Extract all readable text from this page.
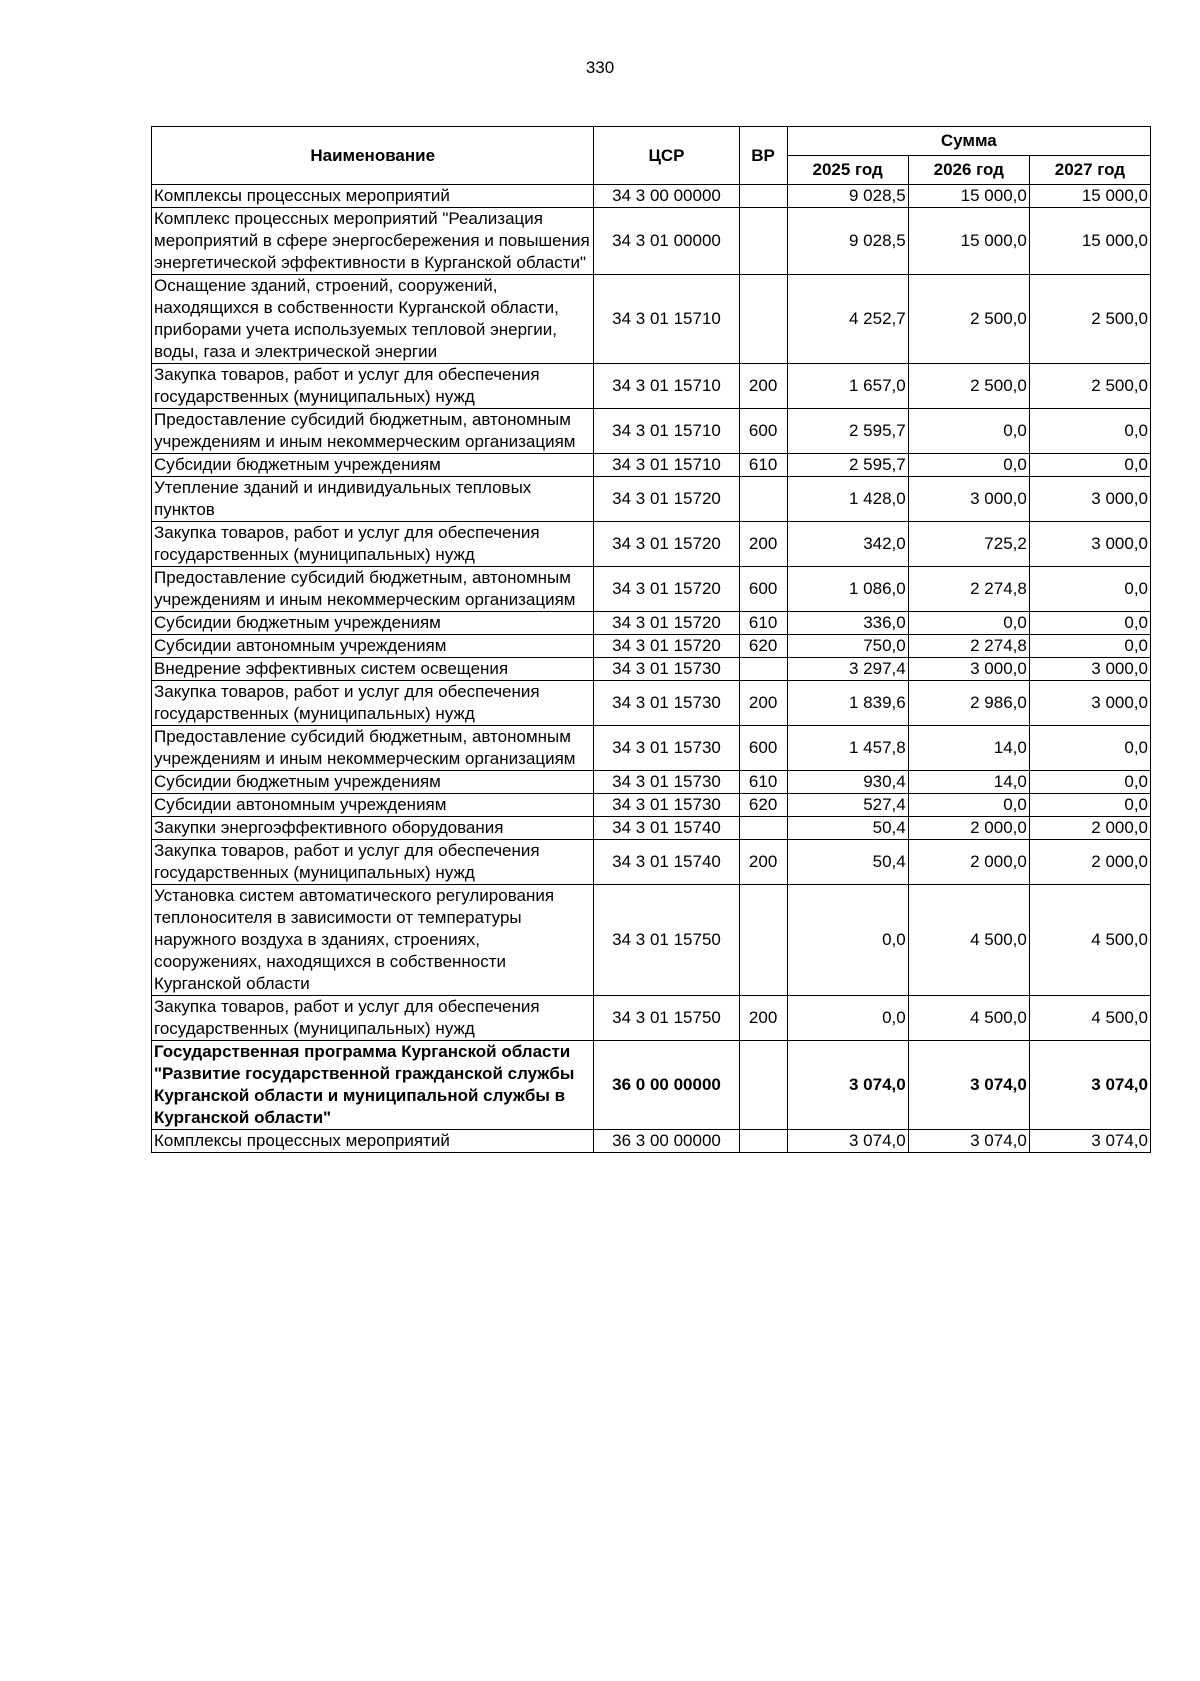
330
Наименование	ЦСР	ВР	Сумма		
			2025 год	2026 год	2027 год
Комплексы процессных мероприятий	34 3 00 00000		9 028,5	15 000,0	15 000,0
Комплекс процессных мероприятий "Реализация мероприятий в сфере энергосбережения и повышения энергетической эффективности в Курганской области"	34 3 01 00000		9 028,5	15 000,0	15 000,0
Оснащение зданий, строений, сооружений, находящихся в собственности Курганской области, приборами учета используемых тепловой энергии, воды, газа и электрической энергии	34 3 01 15710		4 252,7	2 500,0	2 500,0
Закупка товаров, работ и услуг для обеспечения государственных (муниципальных) нужд	34 3 01 15710	200	1 657,0	2 500,0	2 500,0
Предоставление субсидий бюджетным, автономным учреждениям и иным некоммерческим организациям	34 3 01 15710	600	2 595,7	0,0	0,0
Субсидии бюджетным учреждениям	34 3 01 15710	610	2 595,7	0,0	0,0
Утепление зданий и индивидуальных тепловых пунктов	34 3 01 15720		1 428,0	3 000,0	3 000,0
Закупка товаров, работ и услуг для обеспечения государственных (муниципальных) нужд	34 3 01 15720	200	342,0	725,2	3 000,0
Предоставление субсидий бюджетным, автономным учреждениям и иным некоммерческим организациям	34 3 01 15720	600	1 086,0	2 274,8	0,0
Субсидии бюджетным учреждениям	34 3 01 15720	610	336,0	0,0	0,0
Субсидии автономным учреждениям	34 3 01 15720	620	750,0	2 274,8	0,0
Внедрение эффективных систем освещения	34 3 01 15730		3 297,4	3 000,0	3 000,0
Закупка товаров, работ и услуг для обеспечения государственных (муниципальных) нужд	34 3 01 15730	200	1 839,6	2 986,0	3 000,0
Предоставление субсидий бюджетным, автономным учреждениям и иным некоммерческим организациям	34 3 01 15730	600	1 457,8	14,0	0,0
Субсидии бюджетным учреждениям	34 3 01 15730	610	930,4	14,0	0,0
Субсидии автономным учреждениям	34 3 01 15730	620	527,4	0,0	0,0
Закупки энергоэффективного оборудования	34 3 01 15740		50,4	2 000,0	2 000,0
Закупка товаров, работ и услуг для обеспечения государственных (муниципальных) нужд	34 3 01 15740	200	50,4	2 000,0	2 000,0
Установка систем автоматического регулирования теплоносителя в зависимости от температуры наружного воздуха в зданиях, строениях, сооружениях, находящихся в собственности Курганской области	34 3 01 15750		0,0	4 500,0	4 500,0
Закупка товаров, работ и услуг для обеспечения государственных (муниципальных) нужд	34 3 01 15750	200	0,0	4 500,0	4 500,0
Государственная программа Курганской области "Развитие государственной гражданской службы Курганской области и муниципальной службы в Курганской области"	36 0 00 00000		3 074,0	3 074,0	3 074,0
Комплексы процессных мероприятий	36 3 00 00000		3 074,0	3 074,0	3 074,0
